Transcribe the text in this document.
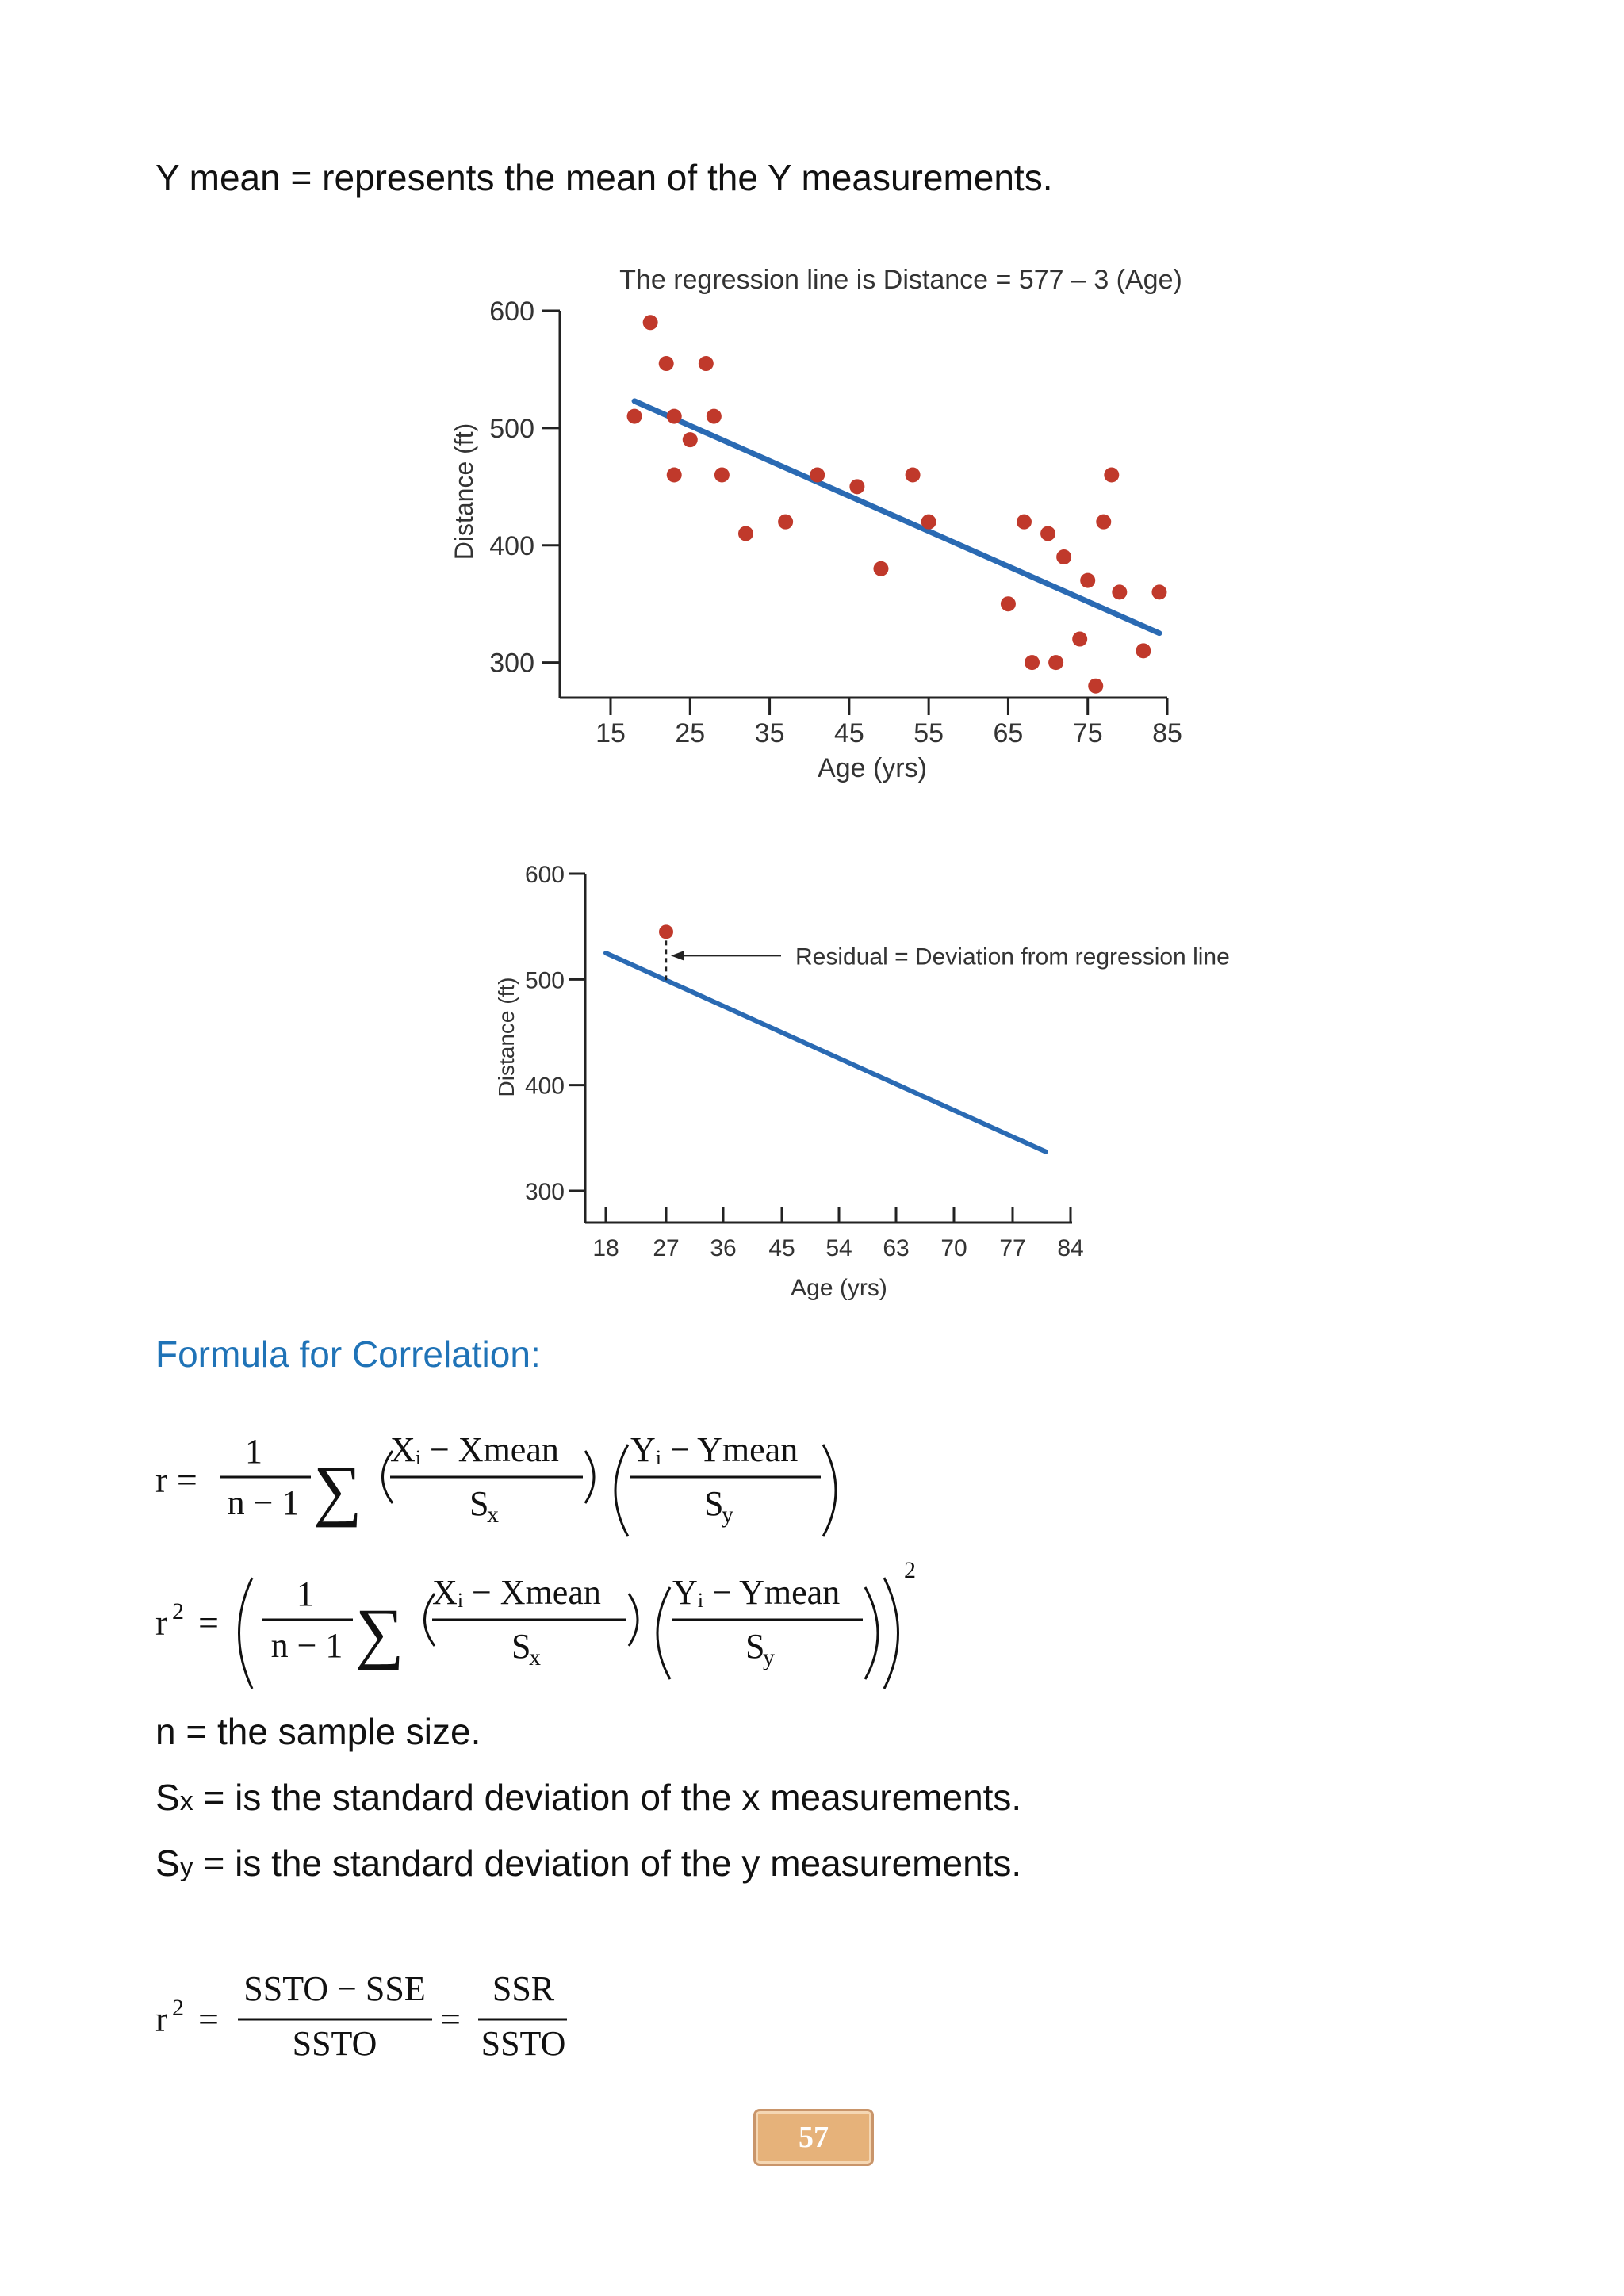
Y mean = represents the mean of the Y measurements.
The regression line is Distance = 577 – 3 (Age)
300
400
500
600
15 25 35 45 55 65 75 85
Age (yrs)
Distance (ft)
300
400
500
600
18 27 36 45 54 63 70 77 84
Age (yrs)
Distance (ft)
Residual = Deviation from regression line
Formula for Correlation:
r =
1
n − 1 ∑
Xᵢ − Xmean
S
x
Yᵢ − Ymean
S
y
r 2 =
1
n − 1 ∑
Xᵢ − Xmean
S
x
Yᵢ − Ymean
S
y
2
n = the sample size.
Sx = is the standard deviation of the x measurements.
Sy = is the standard deviation of the y measurements.
r 2 =
SSTO − SSE
SSTO
=
SSR
SSTO
57
